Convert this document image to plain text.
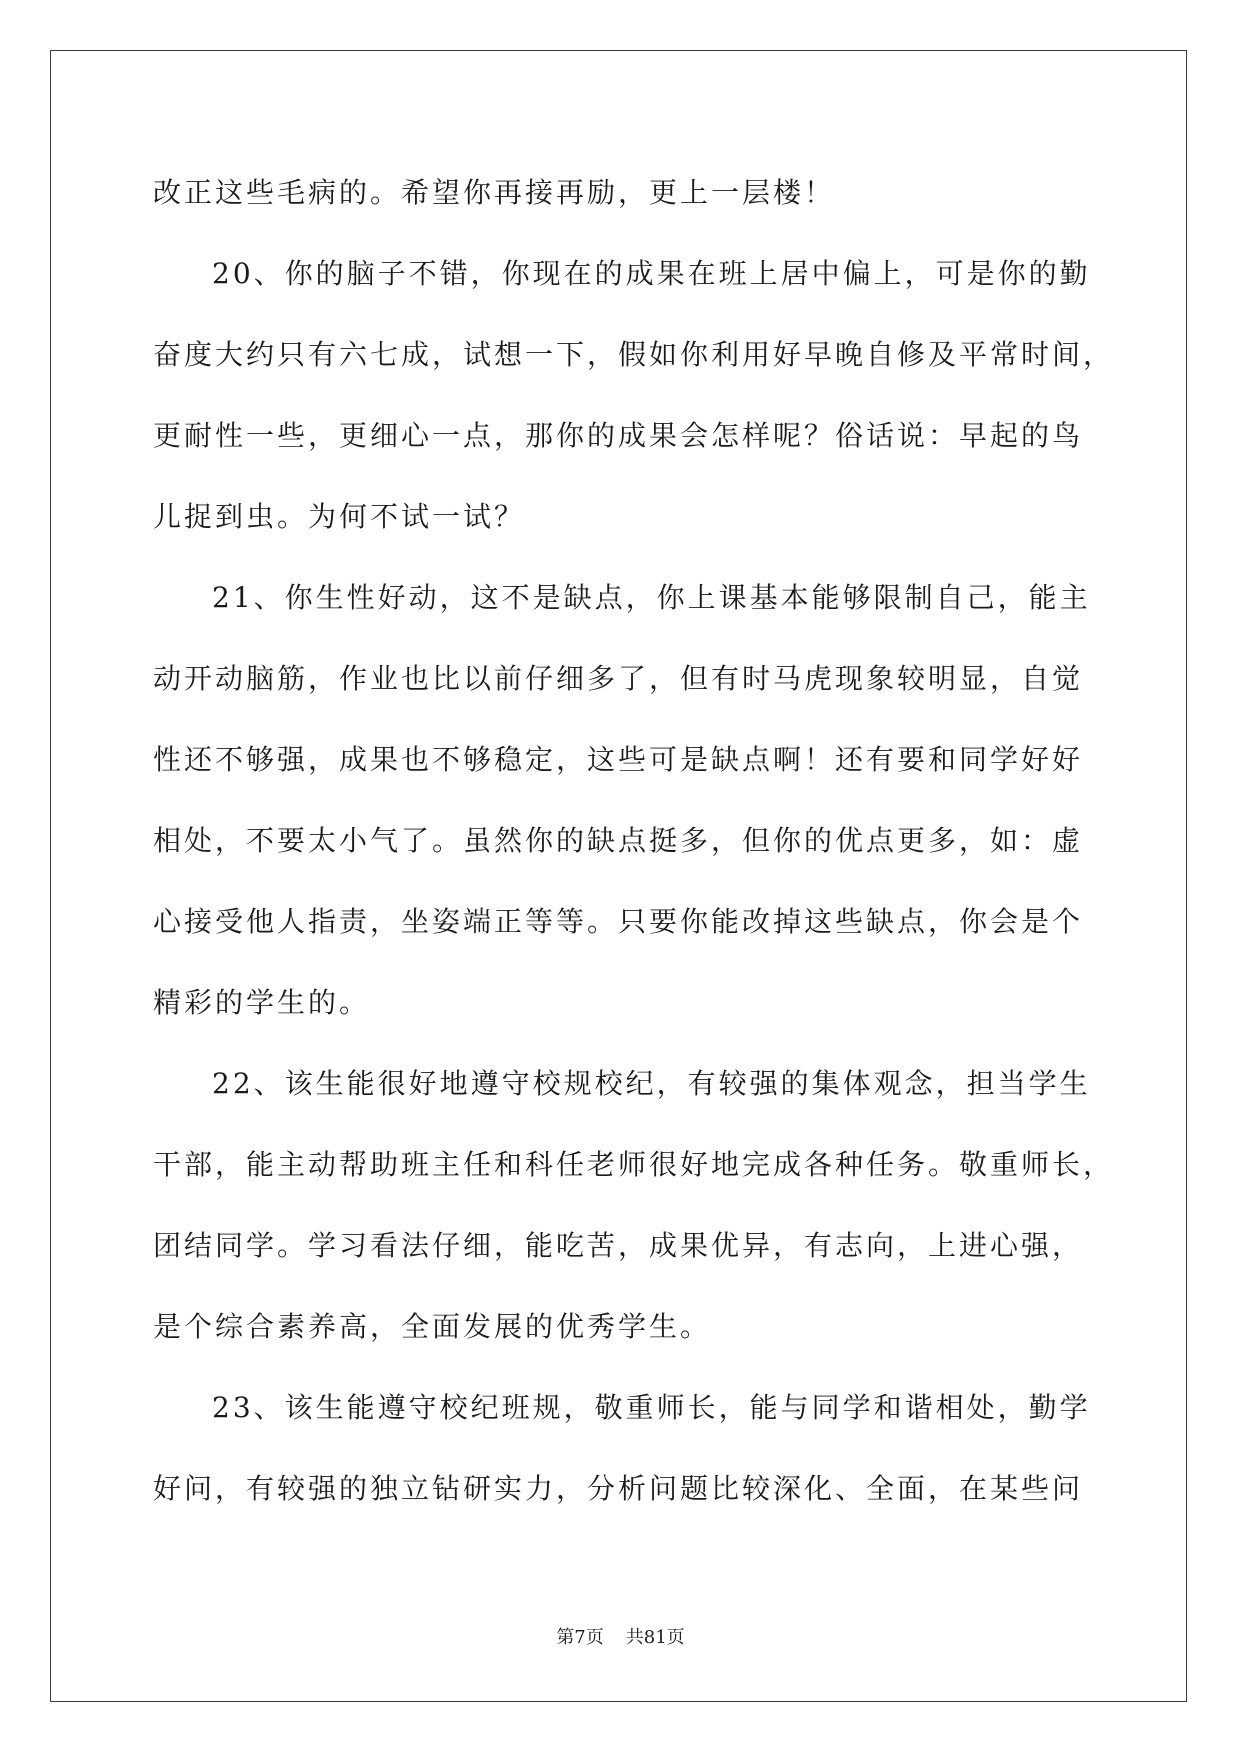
改正这些毛病的。希望你再接再励，更上一层楼！
20、你的脑子不错，你现在的成果在班上居中偏上，可是你的勤
奋度大约只有六七成，试想一下，假如你利用好早晚自修及平常时间，
更耐性一些，更细心一点，那你的成果会怎样呢？俗话说：早起的鸟
儿捉到虫。为何不试一试？
21、你生性好动，这不是缺点，你上课基本能够限制自己，能主
动开动脑筋，作业也比以前仔细多了，但有时马虎现象较明显，自觉
性还不够强，成果也不够稳定，这些可是缺点啊！还有要和同学好好
相处，不要太小气了。虽然你的缺点挺多，但你的优点更多，如：虚
心接受他人指责，坐姿端正等等。只要你能改掉这些缺点，你会是个
精彩的学生的。
22、该生能很好地遵守校规校纪，有较强的集体观念，担当学生
干部，能主动帮助班主任和科任老师很好地完成各种任务。敬重师长，
团结同学。学习看法仔细，能吃苦，成果优异，有志向，上进心强，
是个综合素养高，全面发展的优秀学生。
23、该生能遵守校纪班规，敬重师长，能与同学和谐相处，勤学
好问，有较强的独立钻研实力，分析问题比较深化、全面，在某些问
第7页 共81页
